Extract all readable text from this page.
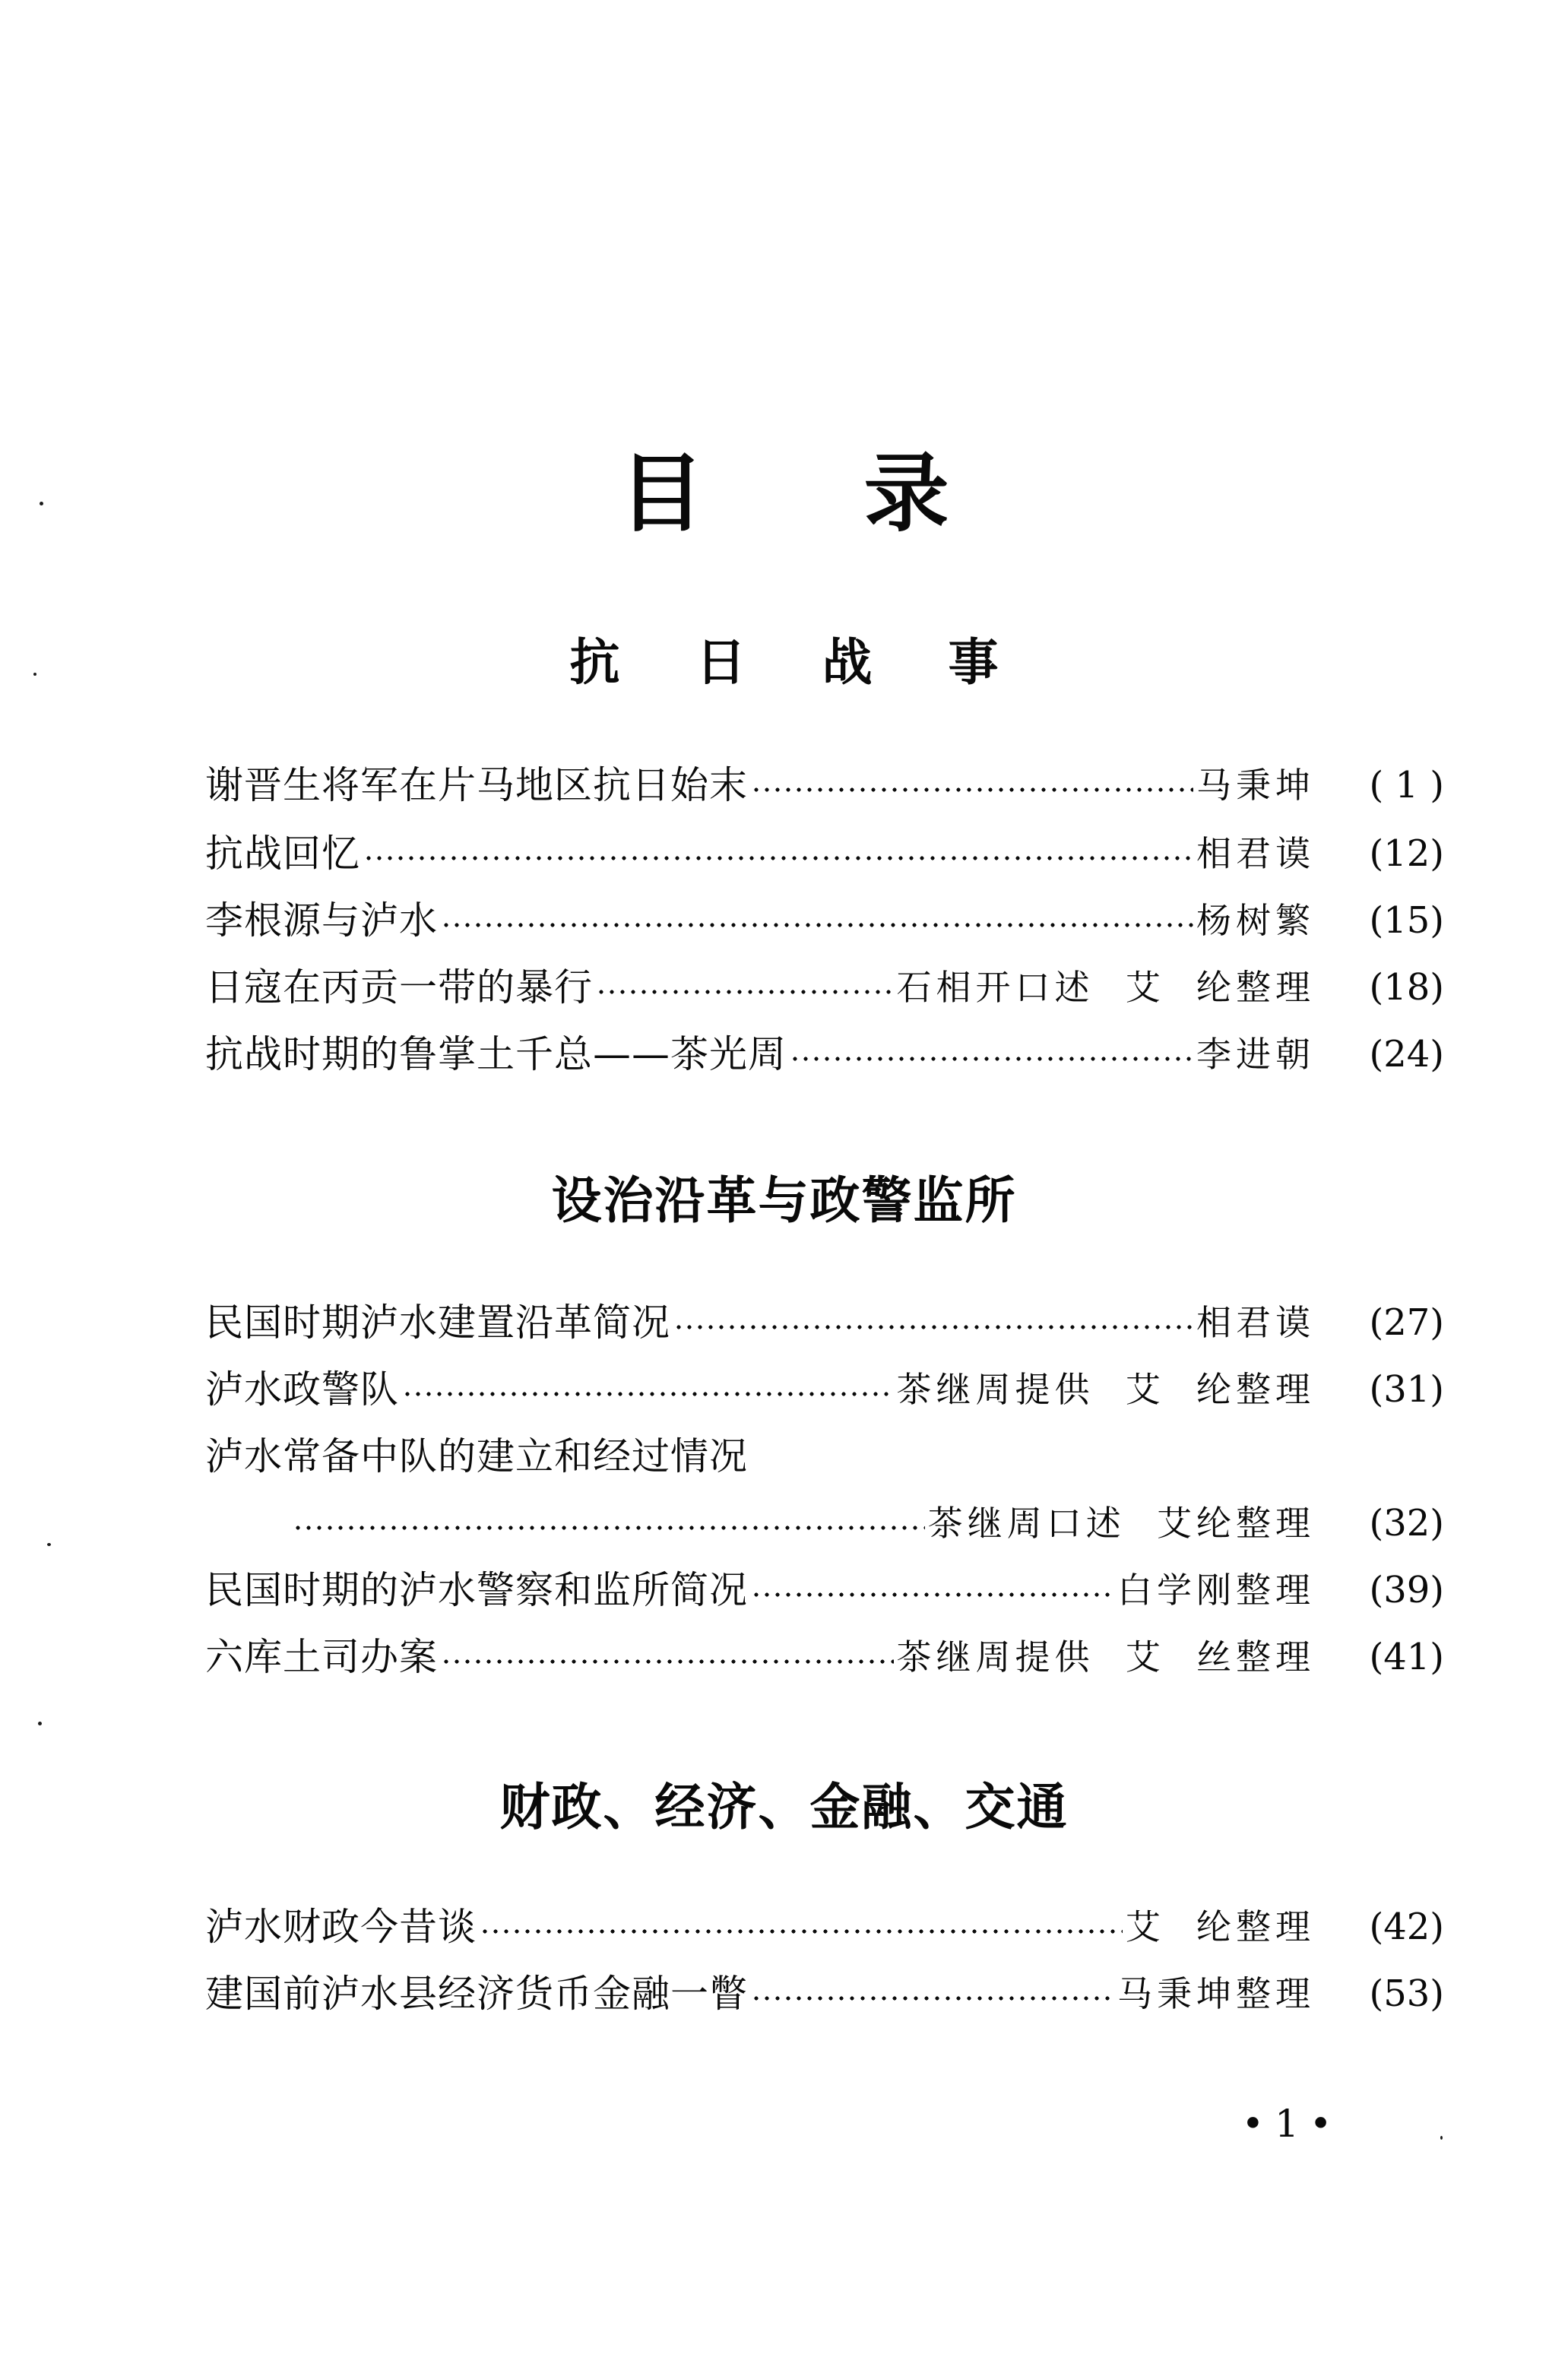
目 录
抗日战事
谢晋生将军在片马地区抗日始末	马秉坤	( 1 )
抗战回忆	相君谟	(12)
李根源与泸水	杨树繁	(15)
日寇在丙贡一带的暴行	石相开口述  艾  纶整理	(18)
抗战时期的鲁掌土千总——茶光周	李进朝	(24)
设治沿革与政警监所
民国时期泸水建置沿革简况	相君谟	(27)
泸水政警队	茶继周提供  艾  纶整理	(31)
泸水常备中队的建立和经过情况
茶继周口述  艾纶整理	(32)
民国时期的泸水警察和监所简况	白学刚整理	(39)
六库土司办案	茶继周提供  艾  丝整理	(41)
财政、经济、金融、交通
泸水财政今昔谈	艾  纶整理	(42)
建国前泸水县经济货币金融一瞥	马秉坤整理	(53)
•1•
